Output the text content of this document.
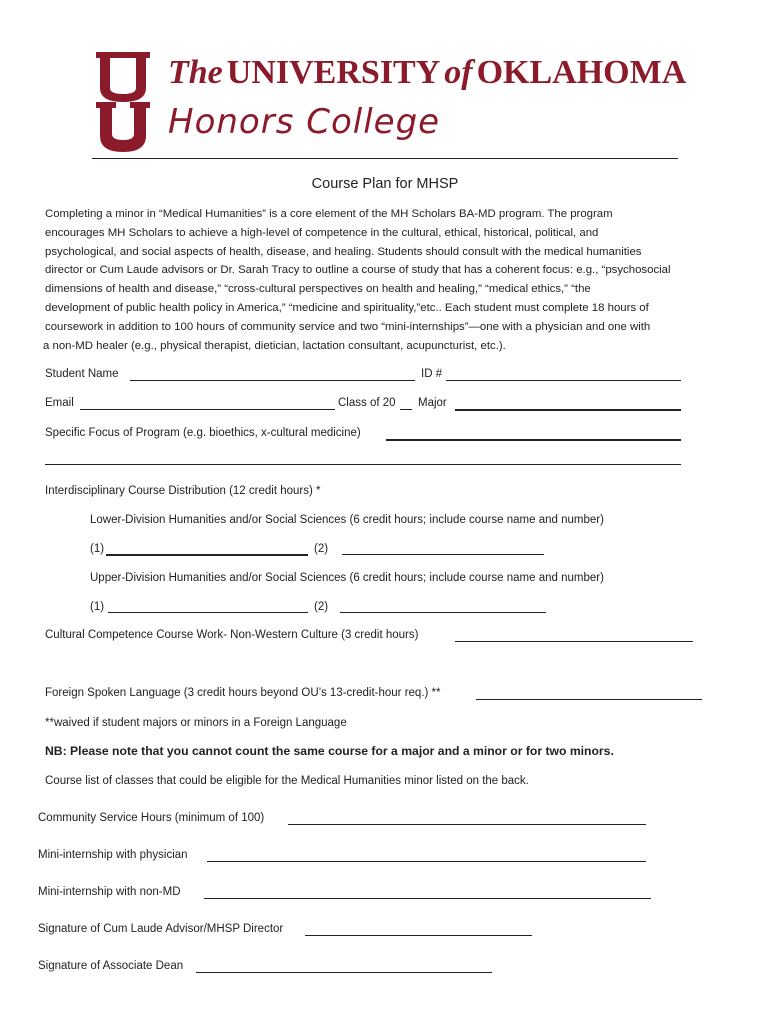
®
The UNIVERSITY of OKLAHOMA
Honors College
Course Plan for MHSP
Completing a minor in “Medical Humanities” is a core element of the MH Scholars BA-MD program. The program
encourages MH Scholars to achieve a high-level of competence in the cultural, ethical, historical, political, and
psychological, and social aspects of health, disease, and healing. Students should consult with the medical humanities
director or Cum Laude advisors or Dr. Sarah Tracy to outline a course of study that has a coherent focus: e.g., “psychosocial
dimensions of health and disease,” “cross-cultural perspectives on health and healing,” “medical ethics,” “the
development of public health policy in America,” “medicine and spirituality,”etc.. Each student must complete 18 hours of
coursework in addition to 100 hours of community service and two “mini-internships”—one with a physician and one with
a non-MD healer (e.g., physical therapist, dietician, lactation consultant, acupuncturist, etc.).
Student Name	ID #
Email	Class of 20 Major
Specific Focus of Program (e.g. bioethics, x-cultural medicine)
Interdisciplinary Course Distribution (12 credit hours) *
Lower-Division Humanities and/or Social Sciences (6 credit hours; include course name and number)
(1)	(2)
Upper-Division Humanities and/or Social Sciences (6 credit hours; include course name and number)
(1)	(2)
Cultural Competence Course Work- Non-Western Culture (3 credit hours)
Foreign Spoken Language (3 credit hours beyond OU’s 13-credit-hour req.) **
**waived if student majors or minors in a Foreign Language
NB: Please note that you cannot count the same course for a major and a minor or for two minors.
Course list of classes that could be eligible for the Medical Humanities minor listed on the back.
Community Service Hours (minimum of 100)
Mini-internship with physician
Mini-internship with non-MD
Signature of Cum Laude Advisor/MHSP Director
Signature of Associate Dean
